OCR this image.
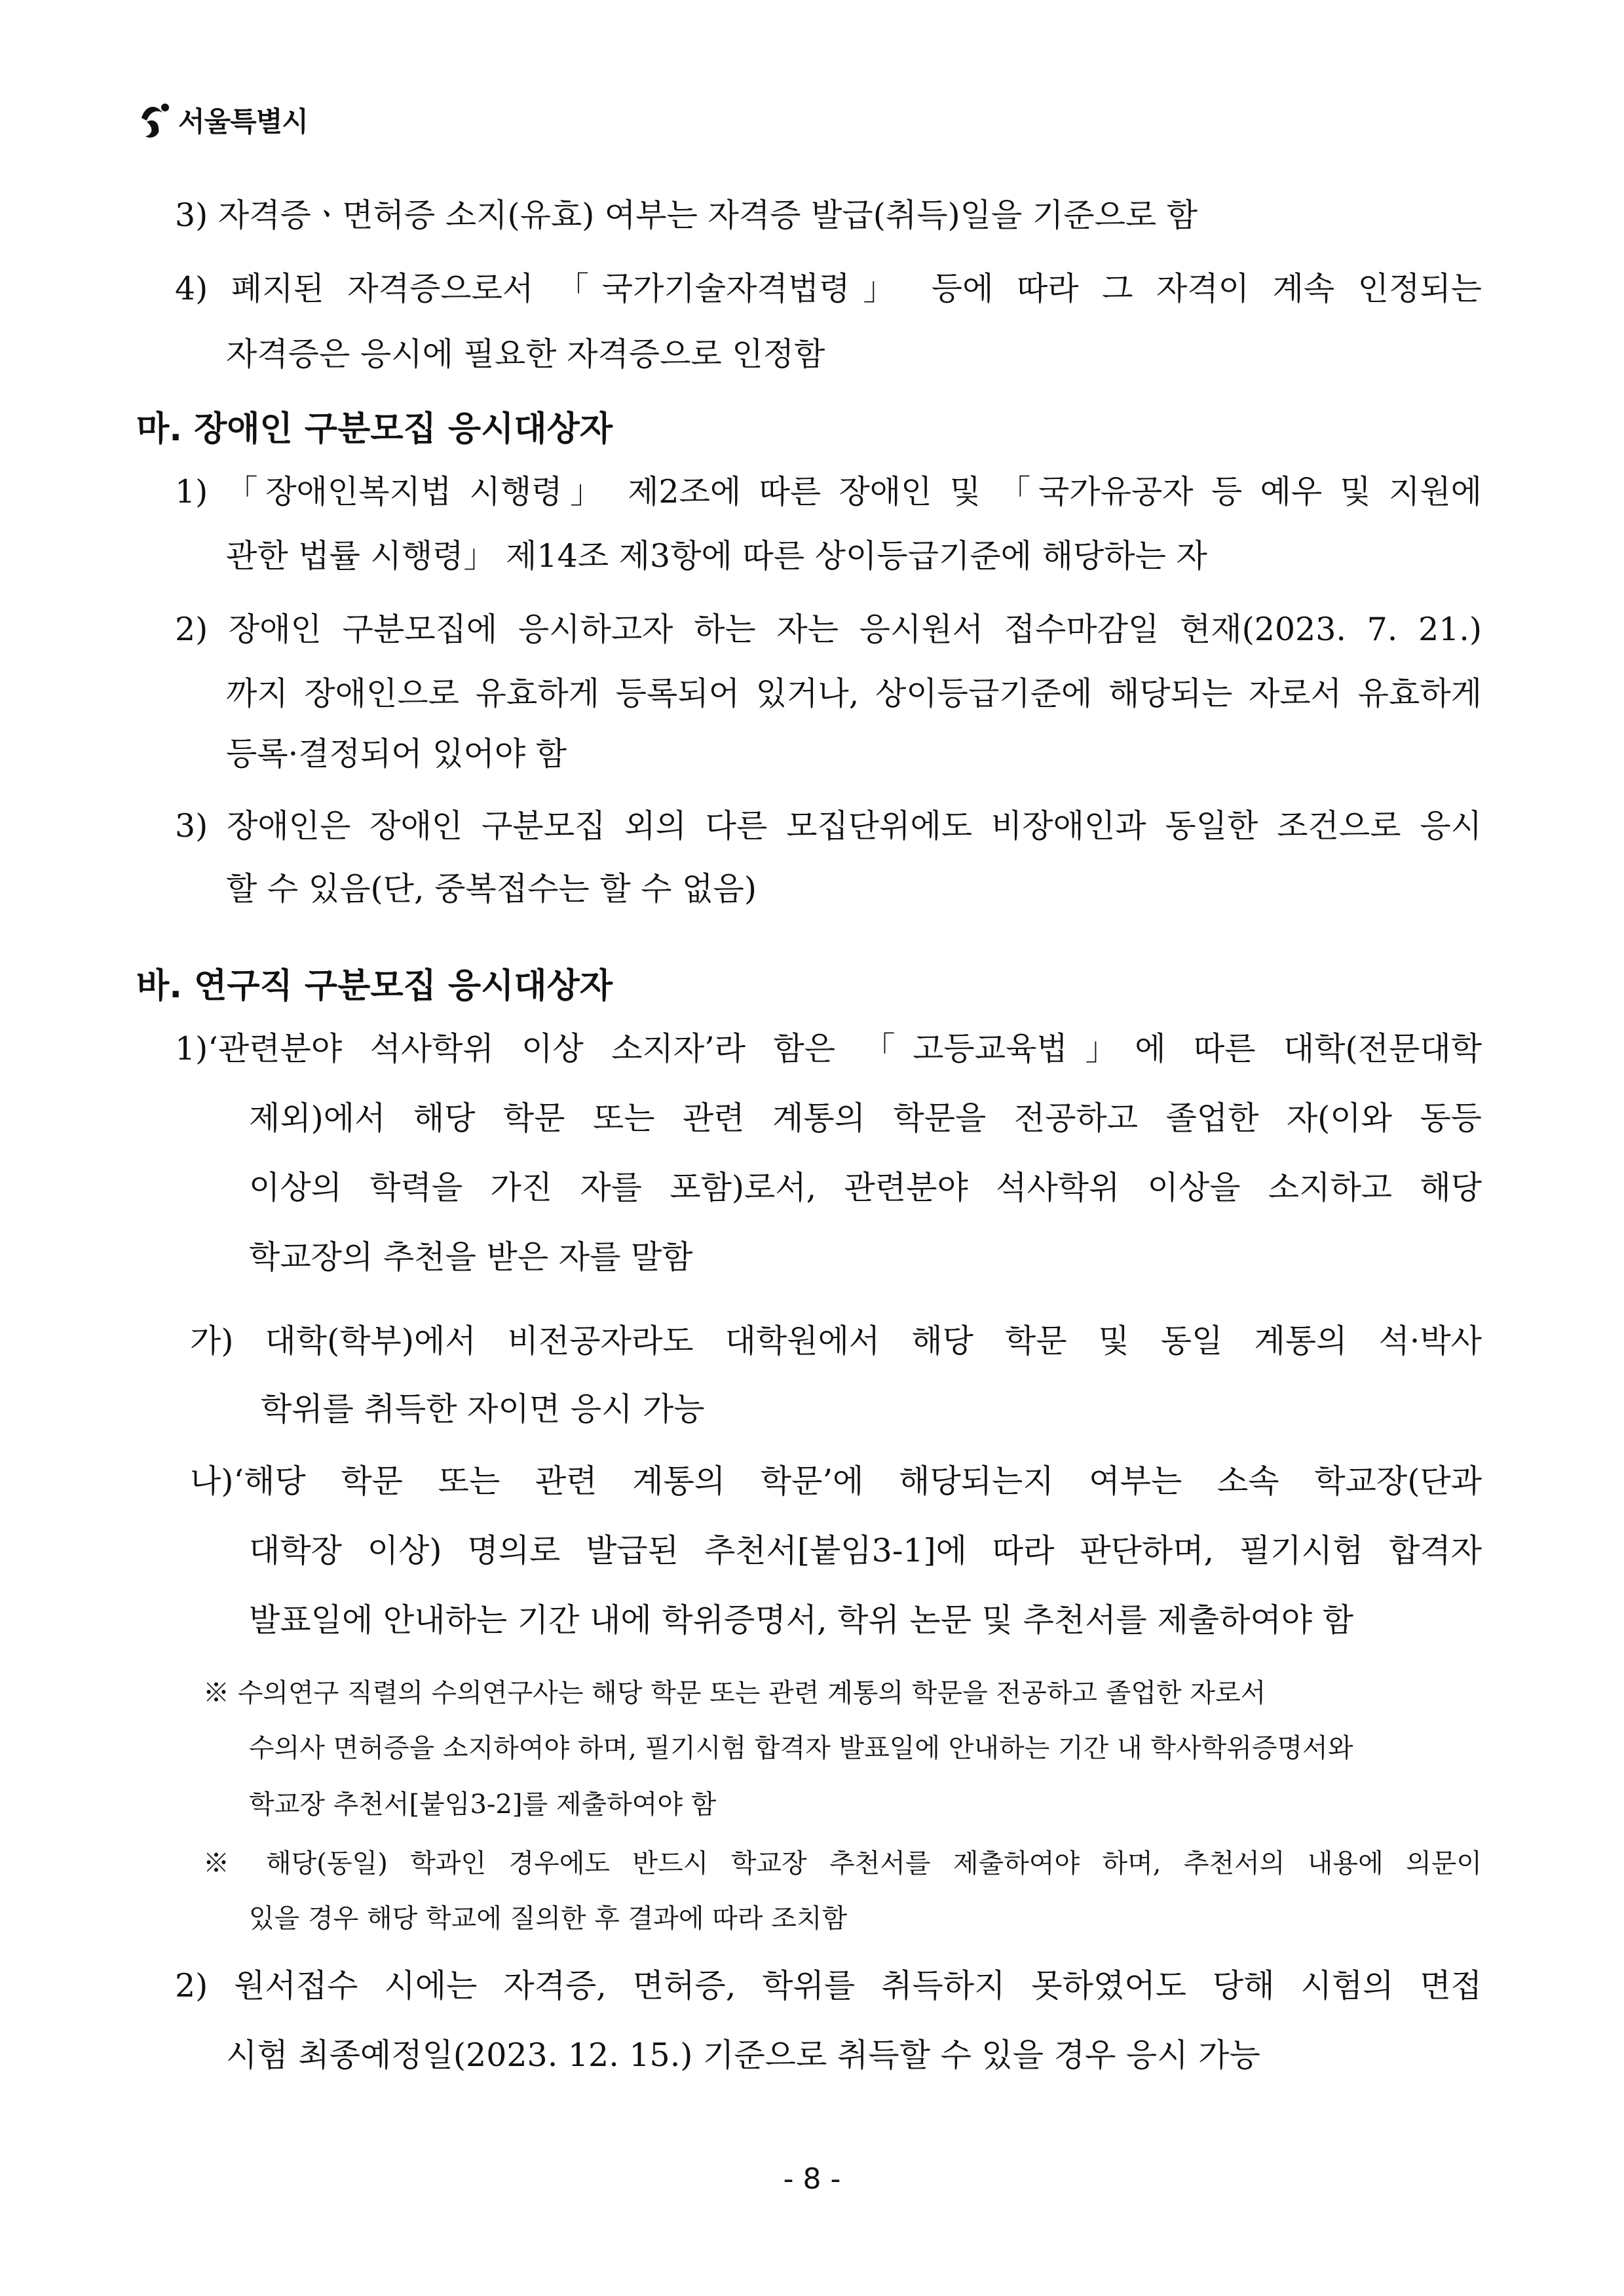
서울특별시
3) 자격증ㆍ면허증 소지(유효) 여부는 자격증 발급(취득)일을 기준으로 함
4) 폐지된 자격증으로서 「국가기술자격법령」 등에 따라 그 자격이 계속 인정되는
자격증은 응시에 필요한 자격증으로 인정함
마. 장애인 구분모집 응시대상자
1) 「장애인복지법 시행령」 제2조에 따른 장애인 및 「국가유공자 등 예우 및 지원에
관한 법률 시행령」 제14조 제3항에 따른 상이등급기준에 해당하는 자
2) 장애인 구분모집에 응시하고자 하는 자는 응시원서 접수마감일 현재(2023. 7. 21.)
까지 장애인으로 유효하게 등록되어 있거나, 상이등급기준에 해당되는 자로서 유효하게
등록·결정되어 있어야 함
3) 장애인은 장애인 구분모집 외의 다른 모집단위에도 비장애인과 동일한 조건으로 응시
할 수 있음(단, 중복접수는 할 수 없음)
바. 연구직 구분모집 응시대상자
1)‘관련분야 석사학위 이상 소지자’라 함은 「고등교육법」에 따른 대학(전문대학
제외)에서 해당 학문 또는 관련 계통의 학문을 전공하고 졸업한 자(이와 동등
이상의 학력을 가진 자를 포함)로서, 관련분야 석사학위 이상을 소지하고 해당
학교장의 추천을 받은 자를 말함
가) 대학(학부)에서 비전공자라도 대학원에서 해당 학문 및 동일 계통의 석·박사
학위를 취득한 자이면 응시 가능
나)‘해당 학문 또는 관련 계통의 학문’에 해당되는지 여부는 소속 학교장(단과
대학장 이상) 명의로 발급된 추천서[붙임3-1]에 따라 판단하며, 필기시험 합격자
발표일에 안내하는 기간 내에 학위증명서, 학위 논문 및 추천서를 제출하여야 함
※ 수의연구 직렬의 수의연구사는 해당 학문 또는 관련 계통의 학문을 전공하고 졸업한 자로서
수의사 면허증을 소지하여야 하며, 필기시험 합격자 발표일에 안내하는 기간 내 학사학위증명서와
학교장 추천서[붙임3-2]를 제출하여야 함
※ 해당(동일) 학과인 경우에도 반드시 학교장 추천서를 제출하여야 하며, 추천서의 내용에 의문이
있을 경우 해당 학교에 질의한 후 결과에 따라 조치함
2) 원서접수 시에는 자격증, 면허증, 학위를 취득하지 못하였어도 당해 시험의 면접
시험 최종예정일(2023. 12. 15.) 기준으로 취득할 수 있을 경우 응시 가능
- 8 -
